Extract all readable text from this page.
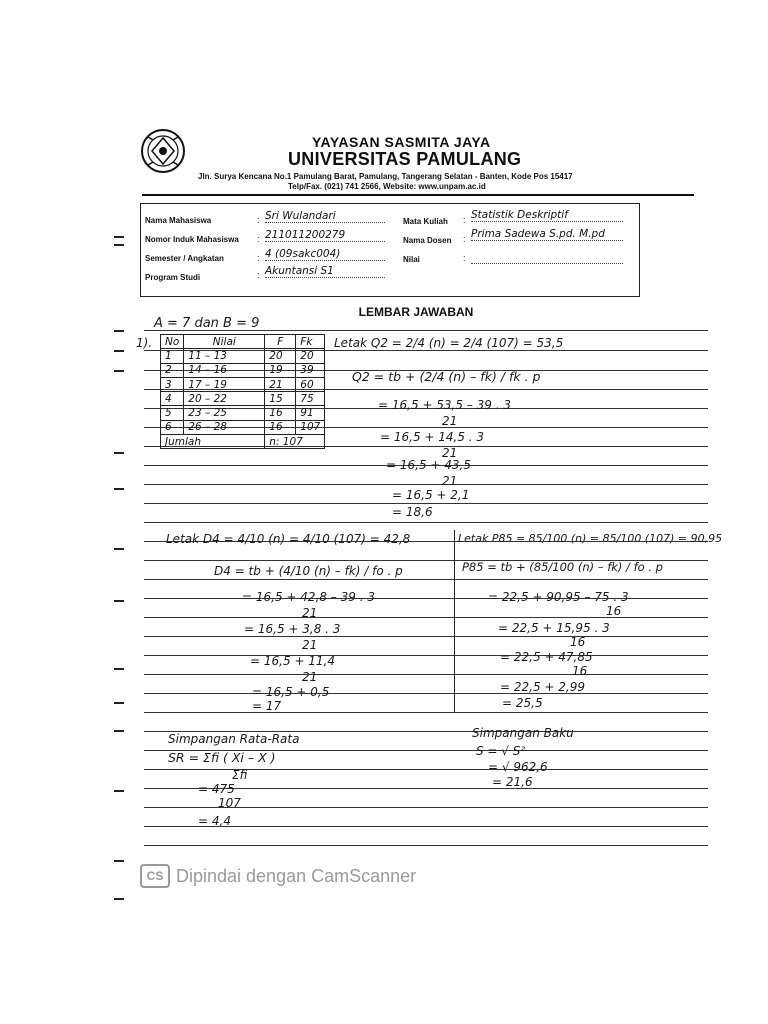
YAYASAN SASMITA JAYA
UNIVERSITAS PAMULANG
Jln. Surya Kencana No.1 Pamulang Barat, Pamulang, Tangerang Selatan - Banten, Kode Pos 15417
Telp/Fax. (021) 741 2566, Website: www.unpam.ac.id
Nama Mahasiswa	: Sri Wulandari
Nomor Induk Mahasiswa : 211011200279
Semester / Angkatan	: 4 (09sakc004)
Program Studi	: Akuntansi S1
Mata Kuliah : Statistik Deskriptif
Nama Dosen : Prima Sadewa S.pd. M.pd
Nilai	:
LEMBAR JAWABAN
A = 7 dan B = 9
1). No	Nilai	F	Fk
1	11 – 13	20	20
2	14 – 16	19	39
3	17 – 19	21	60
4	20 – 22	15	75
5	23 – 25	16	91
6	26 – 28	16	107
Jumlah		n: 107	
Letak Q2 = 2/4 (n) = 2/4 (107) = 53,5
Q2 = tb + (2/4 (n) – fk) / fk . p
= 16,5 + 53,5 – 39 . 3
21
= 16,5 + 14,5 . 3
21
= 16,5 + 43,5
21
= 16,5 + 2,1
= 18,6
Letak D4 = 4/10 (n) = 4/10 (107) = 42,8
D4 = tb + (4/10 (n) – fk) / fo . p
= 16,5 + 42,8 – 39 . 3
21
= 16,5 + 3,8 . 3
21
= 16,5 + 11,4
21
= 16,5 + 0,5
= 17
Letak P85 = 85/100 (n) = 85/100 (107) = 90,95
P85 = tb + (85/100 (n) – fk) / fo . p
= 22,5 + 90,95 – 75 . 3
16
= 22,5 + 15,95 . 3
16
= 22,5 + 47,85
16
= 22,5 + 2,99
= 25,5
Simpangan Rata-Rata
SR = Σfi ( Xi – X̄ )
Σfi
= 475
107
= 4,4
Simpangan Baku
S = √ S²
= √ 962,6
= 21,6
CS Dipindai dengan CamScanner
